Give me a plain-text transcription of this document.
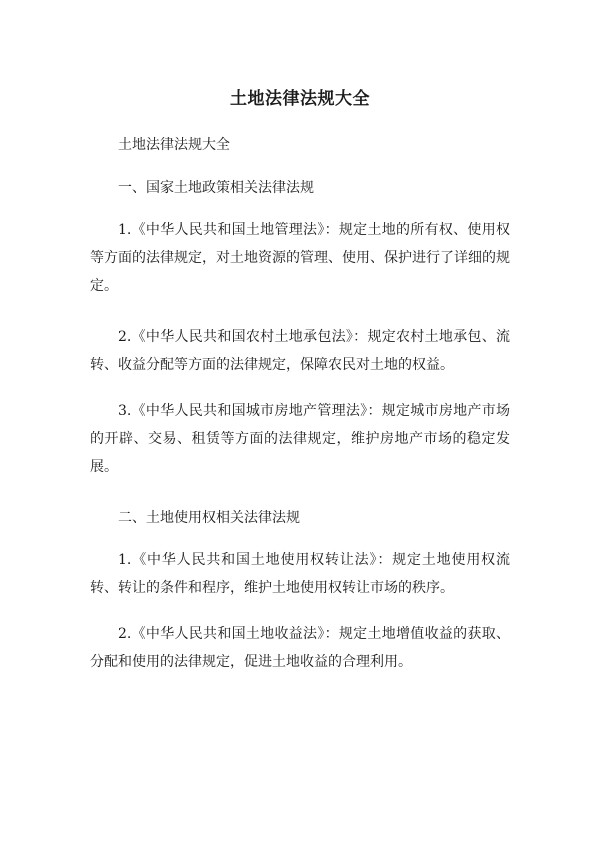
土地法律法规大全

土地法律法规大全

一、国家土地政策相关法律法规

1.《中华人民共和国土地管理法》：规定土地的所有权、使用权等方面的法律规定，对土地资源的管理、使用、保护进行了详细的规定。

2.《中华人民共和国农村土地承包法》：规定农村土地承包、流转、收益分配等方面的法律规定，保障农民对土地的权益。

3.《中华人民共和国城市房地产管理法》：规定城市房地产市场的开辟、交易、租赁等方面的法律规定，维护房地产市场的稳定发展。

二、土地使用权相关法律法规

1.《中华人民共和国土地使用权转让法》：规定土地使用权流转、转让的条件和程序，维护土地使用权转让市场的秩序。

2.《中华人民共和国土地收益法》：规定土地增值收益的获取、分配和使用的法律规定，促进土地收益的合理利用。
